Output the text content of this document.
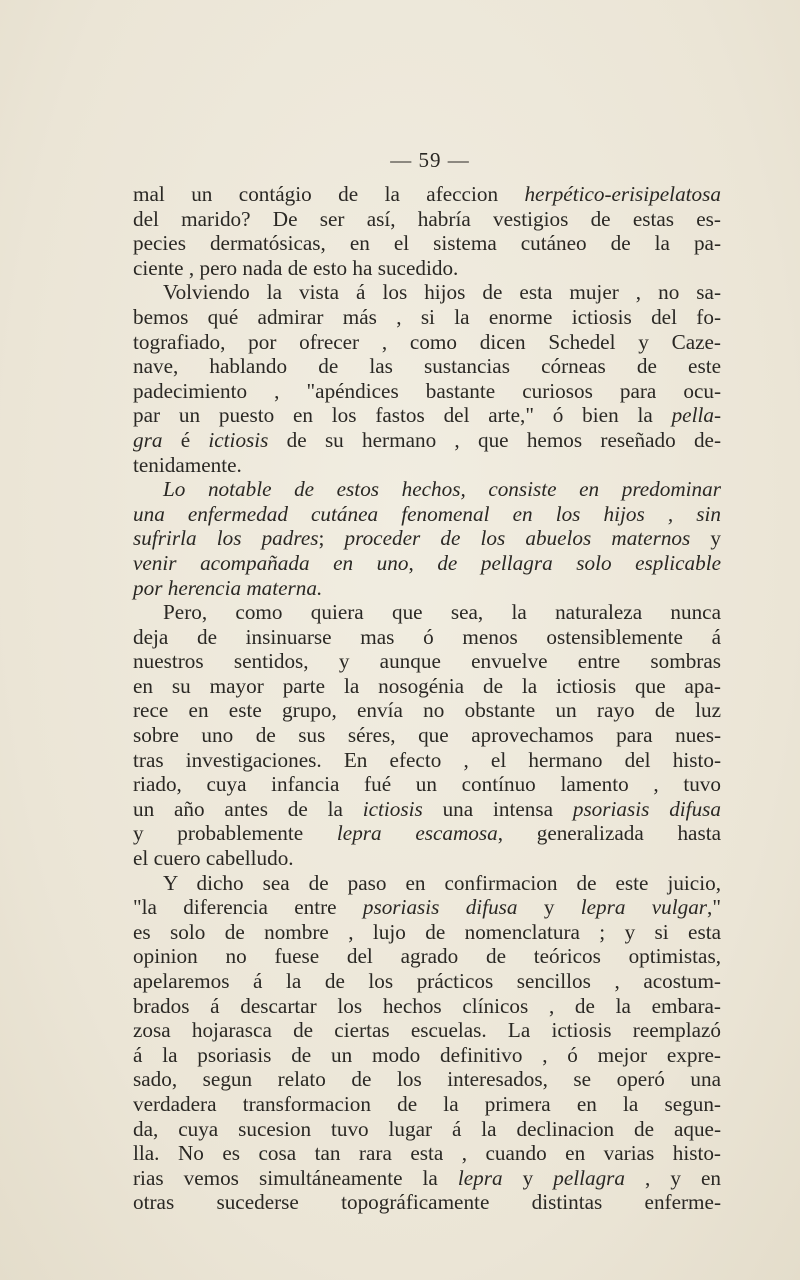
— 59 —
mal un contágio de la afeccion herpético-erisipelatosa
del marido? De ser así, habría vestigios de estas es-
pecies dermatósicas, en el sistema cutáneo de la pa-
ciente , pero nada de esto ha sucedido.
Volviendo la vista á los hijos de esta mujer , no sa-
bemos qué admirar más , si la enorme ictiosis del fo-
tografiado, por ofrecer , como dicen Schedel y Caze-
nave, hablando de las sustancias córneas de este
padecimiento , "apéndices bastante curiosos para ocu-
par un puesto en los fastos del arte," ó bien la pella-
gra é ictiosis de su hermano , que hemos reseñado de-
tenidamente.
Lo notable de estos hechos, consiste en predominar
una enfermedad cutánea fenomenal en los hijos , sin
sufrirla los padres; proceder de los abuelos maternos y
venir acompañada en uno, de pellagra solo esplicable
por herencia materna.
Pero, como quiera que sea, la naturaleza nunca
deja de insinuarse mas ó menos ostensiblemente á
nuestros sentidos, y aunque envuelve entre sombras
en su mayor parte la nosogénia de la ictiosis que apa-
rece en este grupo, envía no obstante un rayo de luz
sobre uno de sus séres, que aprovechamos para nues-
tras investigaciones. En efecto , el hermano del histo-
riado, cuya infancia fué un contínuo lamento , tuvo
un año antes de la ictiosis una intensa psoriasis difusa
y probablemente lepra escamosa, generalizada hasta
el cuero cabelludo.
Y dicho sea de paso en confirmacion de este juicio,
"la diferencia entre psoriasis difusa y lepra vulgar,"
es solo de nombre , lujo de nomenclatura ; y si esta
opinion no fuese del agrado de teóricos optimistas,
apelaremos á la de los prácticos sencillos , acostum-
brados á descartar los hechos clínicos , de la embara-
zosa hojarasca de ciertas escuelas. La ictiosis reemplazó
á la psoriasis de un modo definitivo , ó mejor expre-
sado, segun relato de los interesados, se operó una
verdadera transformacion de la primera en la segun-
da, cuya sucesion tuvo lugar á la declinacion de aque-
lla. No es cosa tan rara esta , cuando en varias histo-
rias vemos simultáneamente la lepra y pellagra , y en
otras sucederse topográficamente distintas enferme-
